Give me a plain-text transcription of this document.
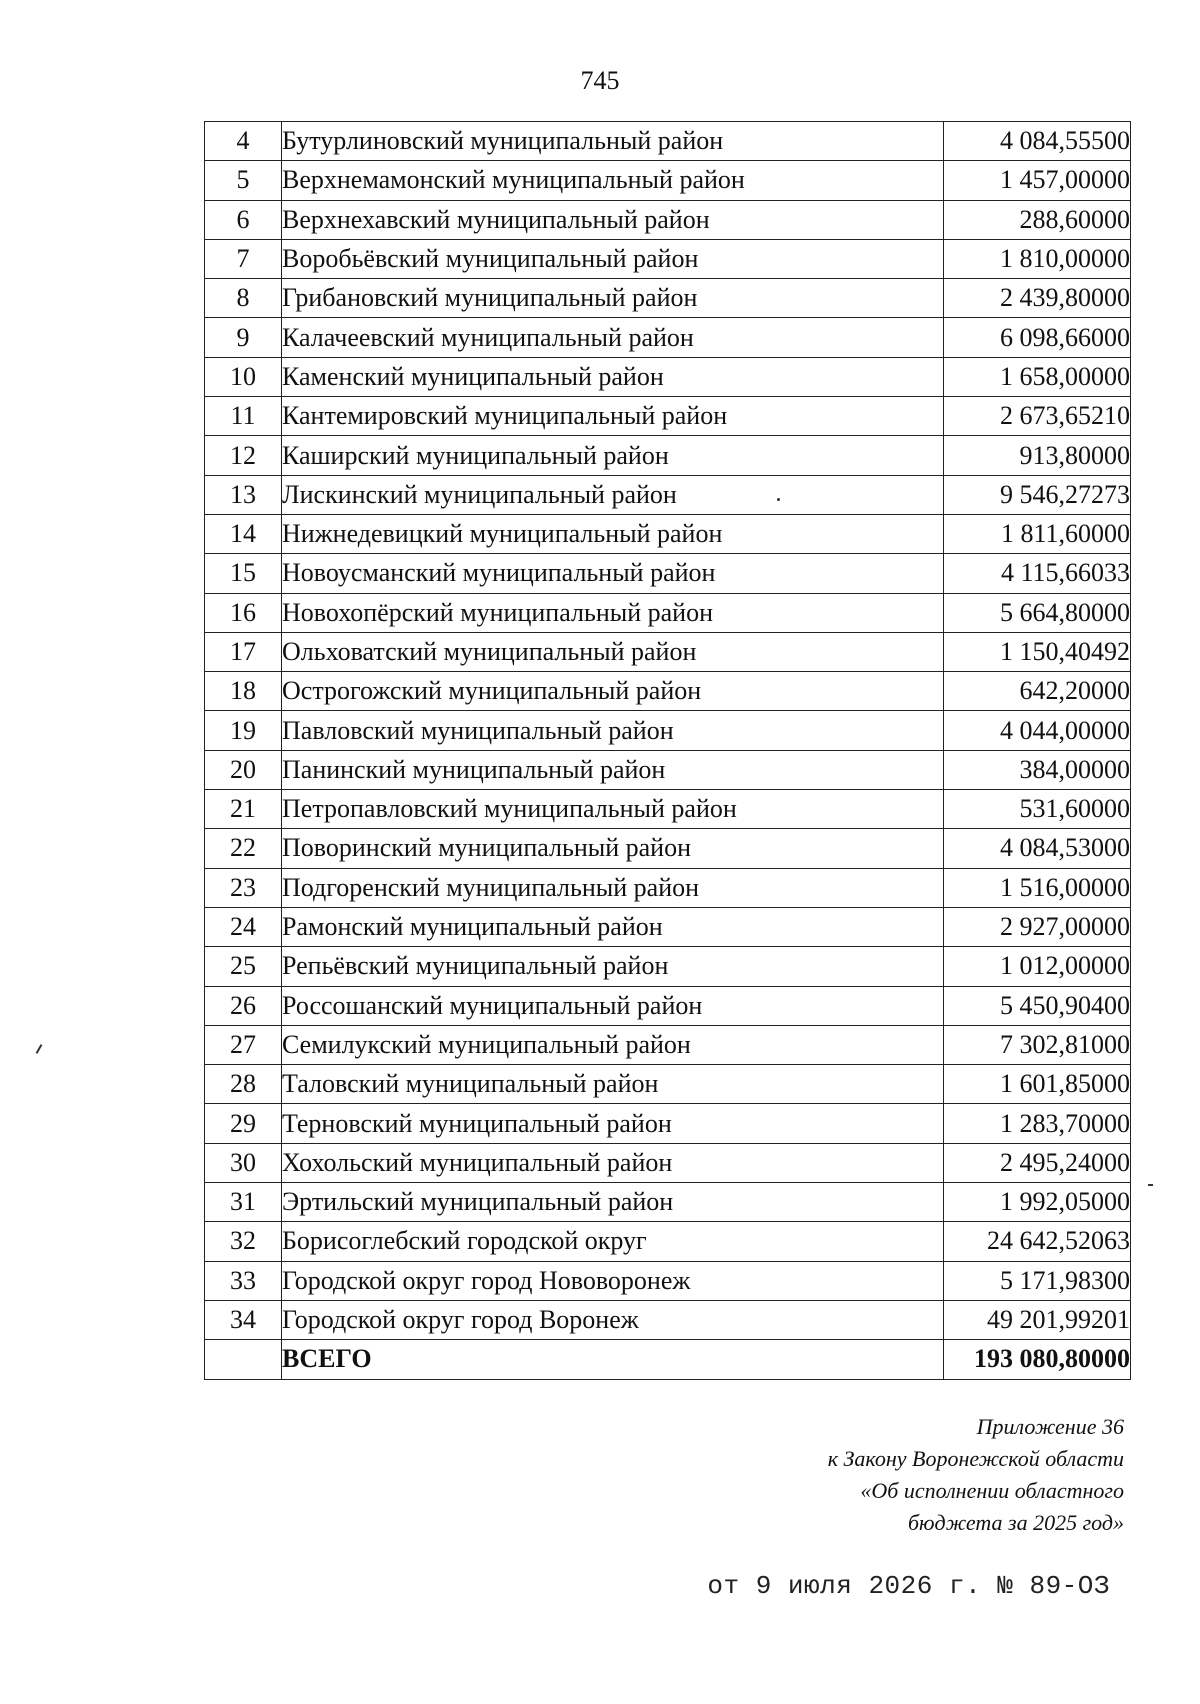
745
4	Бутурлиновский муниципальный район	4 084,55500
5	Верхнемамонский муниципальный район	1 457,00000
6	Верхнехавский муниципальный район	288,60000
7	Воробьёвский муниципальный район	1 810,00000
8	Грибановский муниципальный район	2 439,80000
9	Калачеевский муниципальный район	6 098,66000
10	Каменский муниципальный район	1 658,00000
11	Кантемировский муниципальный район	2 673,65210
12	Каширский муниципальный район	913,80000
13	Лискинский муниципальный район	9 546,27273
14	Нижнедевицкий муниципальный район	1 811,60000
15	Новоусманский муниципальный район	4 115,66033
16	Новохопёрский муниципальный район	5 664,80000
17	Ольховатский муниципальный район	1 150,40492
18	Острогожский муниципальный район	642,20000
19	Павловский муниципальный район	4 044,00000
20	Панинский муниципальный район	384,00000
21	Петропавловский муниципальный район	531,60000
22	Поворинский муниципальный район	4 084,53000
23	Подгоренский муниципальный район	1 516,00000
24	Рамонский муниципальный район	2 927,00000
25	Репьёвский муниципальный район	1 012,00000
26	Россошанский муниципальный район	5 450,90400
27	Семилукский муниципальный район	7 302,81000
28	Таловский муниципальный район	1 601,85000
29	Терновский муниципальный район	1 283,70000
30	Хохольский муниципальный район	2 495,24000
31	Эртильский муниципальный район	1 992,05000
32	Борисоглебский городской округ	24 642,52063
33	Городской округ город Нововоронеж	5 171,98300
34	Городской округ город Воронеж	49 201,99201
	ВСЕГО	193 080,80000
Приложение 36
к Закону Воронежской области
«Об исполнении областного
бюджета за 2025 год»
от 9 июля 2026 г. № 89-ОЗ
